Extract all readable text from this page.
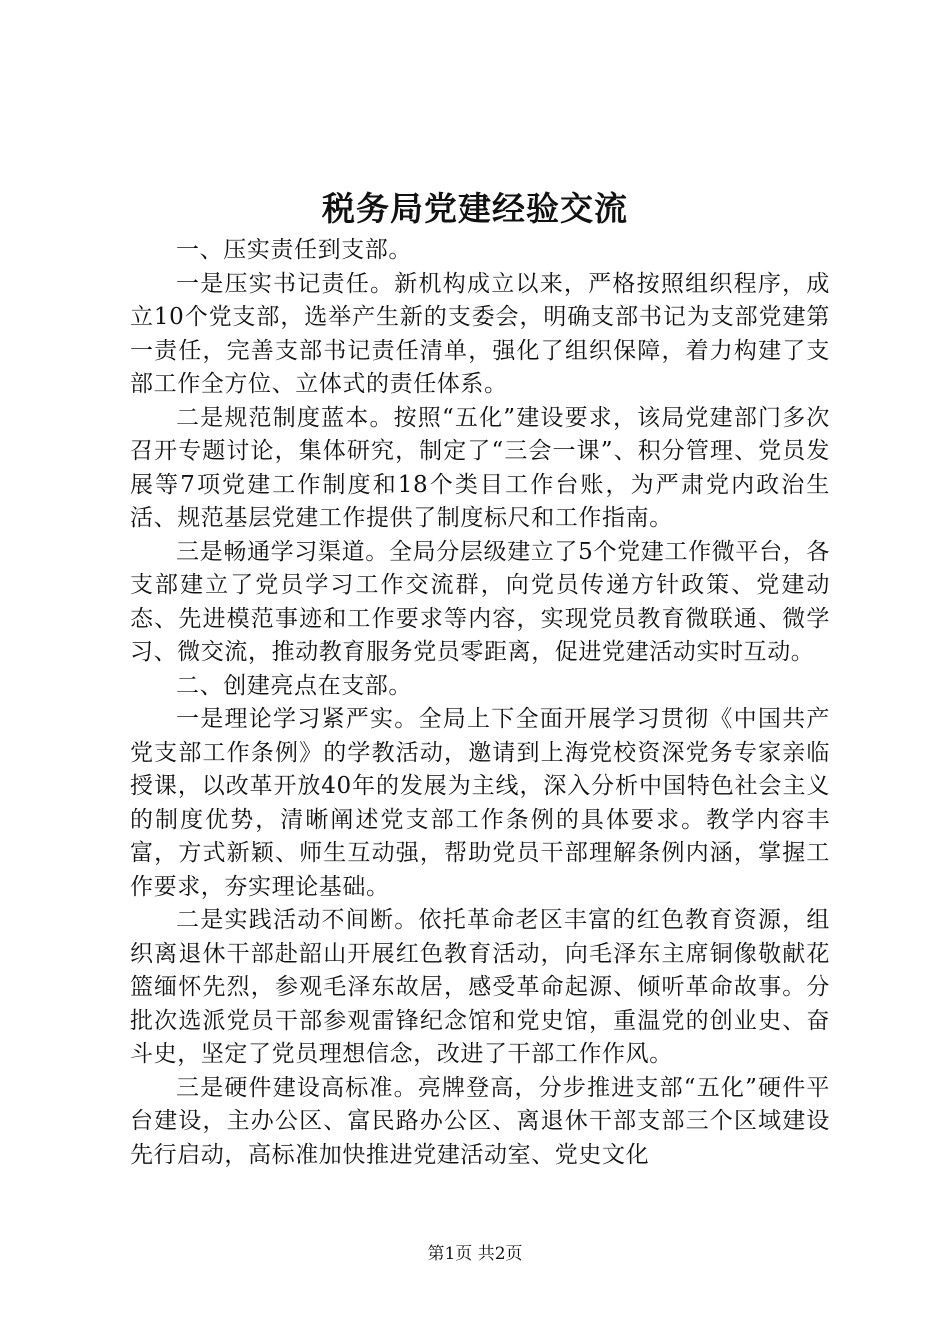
税务局党建经验交流

一、压实责任到支部。

一是压实书记责任。新机构成立以来，严格按照组织程序，成立10个党支部，选举产生新的支委会，明确支部书记为支部党建第一责任，完善支部书记责任清单，强化了组织保障，着力构建了支部工作全方位、立体式的责任体系。

二是规范制度蓝本。按照“五化”建设要求，该局党建部门多次召开专题讨论，集体研究，制定了“三会一课”、积分管理、党员发展等7项党建工作制度和18个类目工作台账，为严肃党内政治生活、规范基层党建工作提供了制度标尺和工作指南。

三是畅通学习渠道。全局分层级建立了5个党建工作微平台，各支部建立了党员学习工作交流群，向党员传递方针政策、党建动态、先进模范事迹和工作要求等内容，实现党员教育微联通、微学习、微交流，推动教育服务党员零距离，促进党建活动实时互动。

二、创建亮点在支部。

一是理论学习紧严实。全局上下全面开展学习贯彻《中国共产党支部工作条例》的学教活动，邀请到上海党校资深党务专家亲临授课，以改革开放40年的发展为主线，深入分析中国特色社会主义的制度优势，清晰阐述党支部工作条例的具体要求。教学内容丰富，方式新颖、师生互动强，帮助党员干部理解条例内涵，掌握工作要求，夯实理论基础。

二是实践活动不间断。依托革命老区丰富的红色教育资源，组织离退休干部赴韶山开展红色教育活动，向毛泽东主席铜像敬献花篮缅怀先烈，参观毛泽东故居，感受革命起源、倾听革命故事。分批次选派党员干部参观雷锋纪念馆和党史馆，重温党的创业史、奋斗史，坚定了党员理想信念，改进了干部工作作风。

三是硬件建设高标准。亮牌登高，分步推进支部“五化”硬件平台建设，主办公区、富民路办公区、离退休干部支部三个区域建设先行启动，高标准加快推进党建活动室、党史文化

第1页 共2页
